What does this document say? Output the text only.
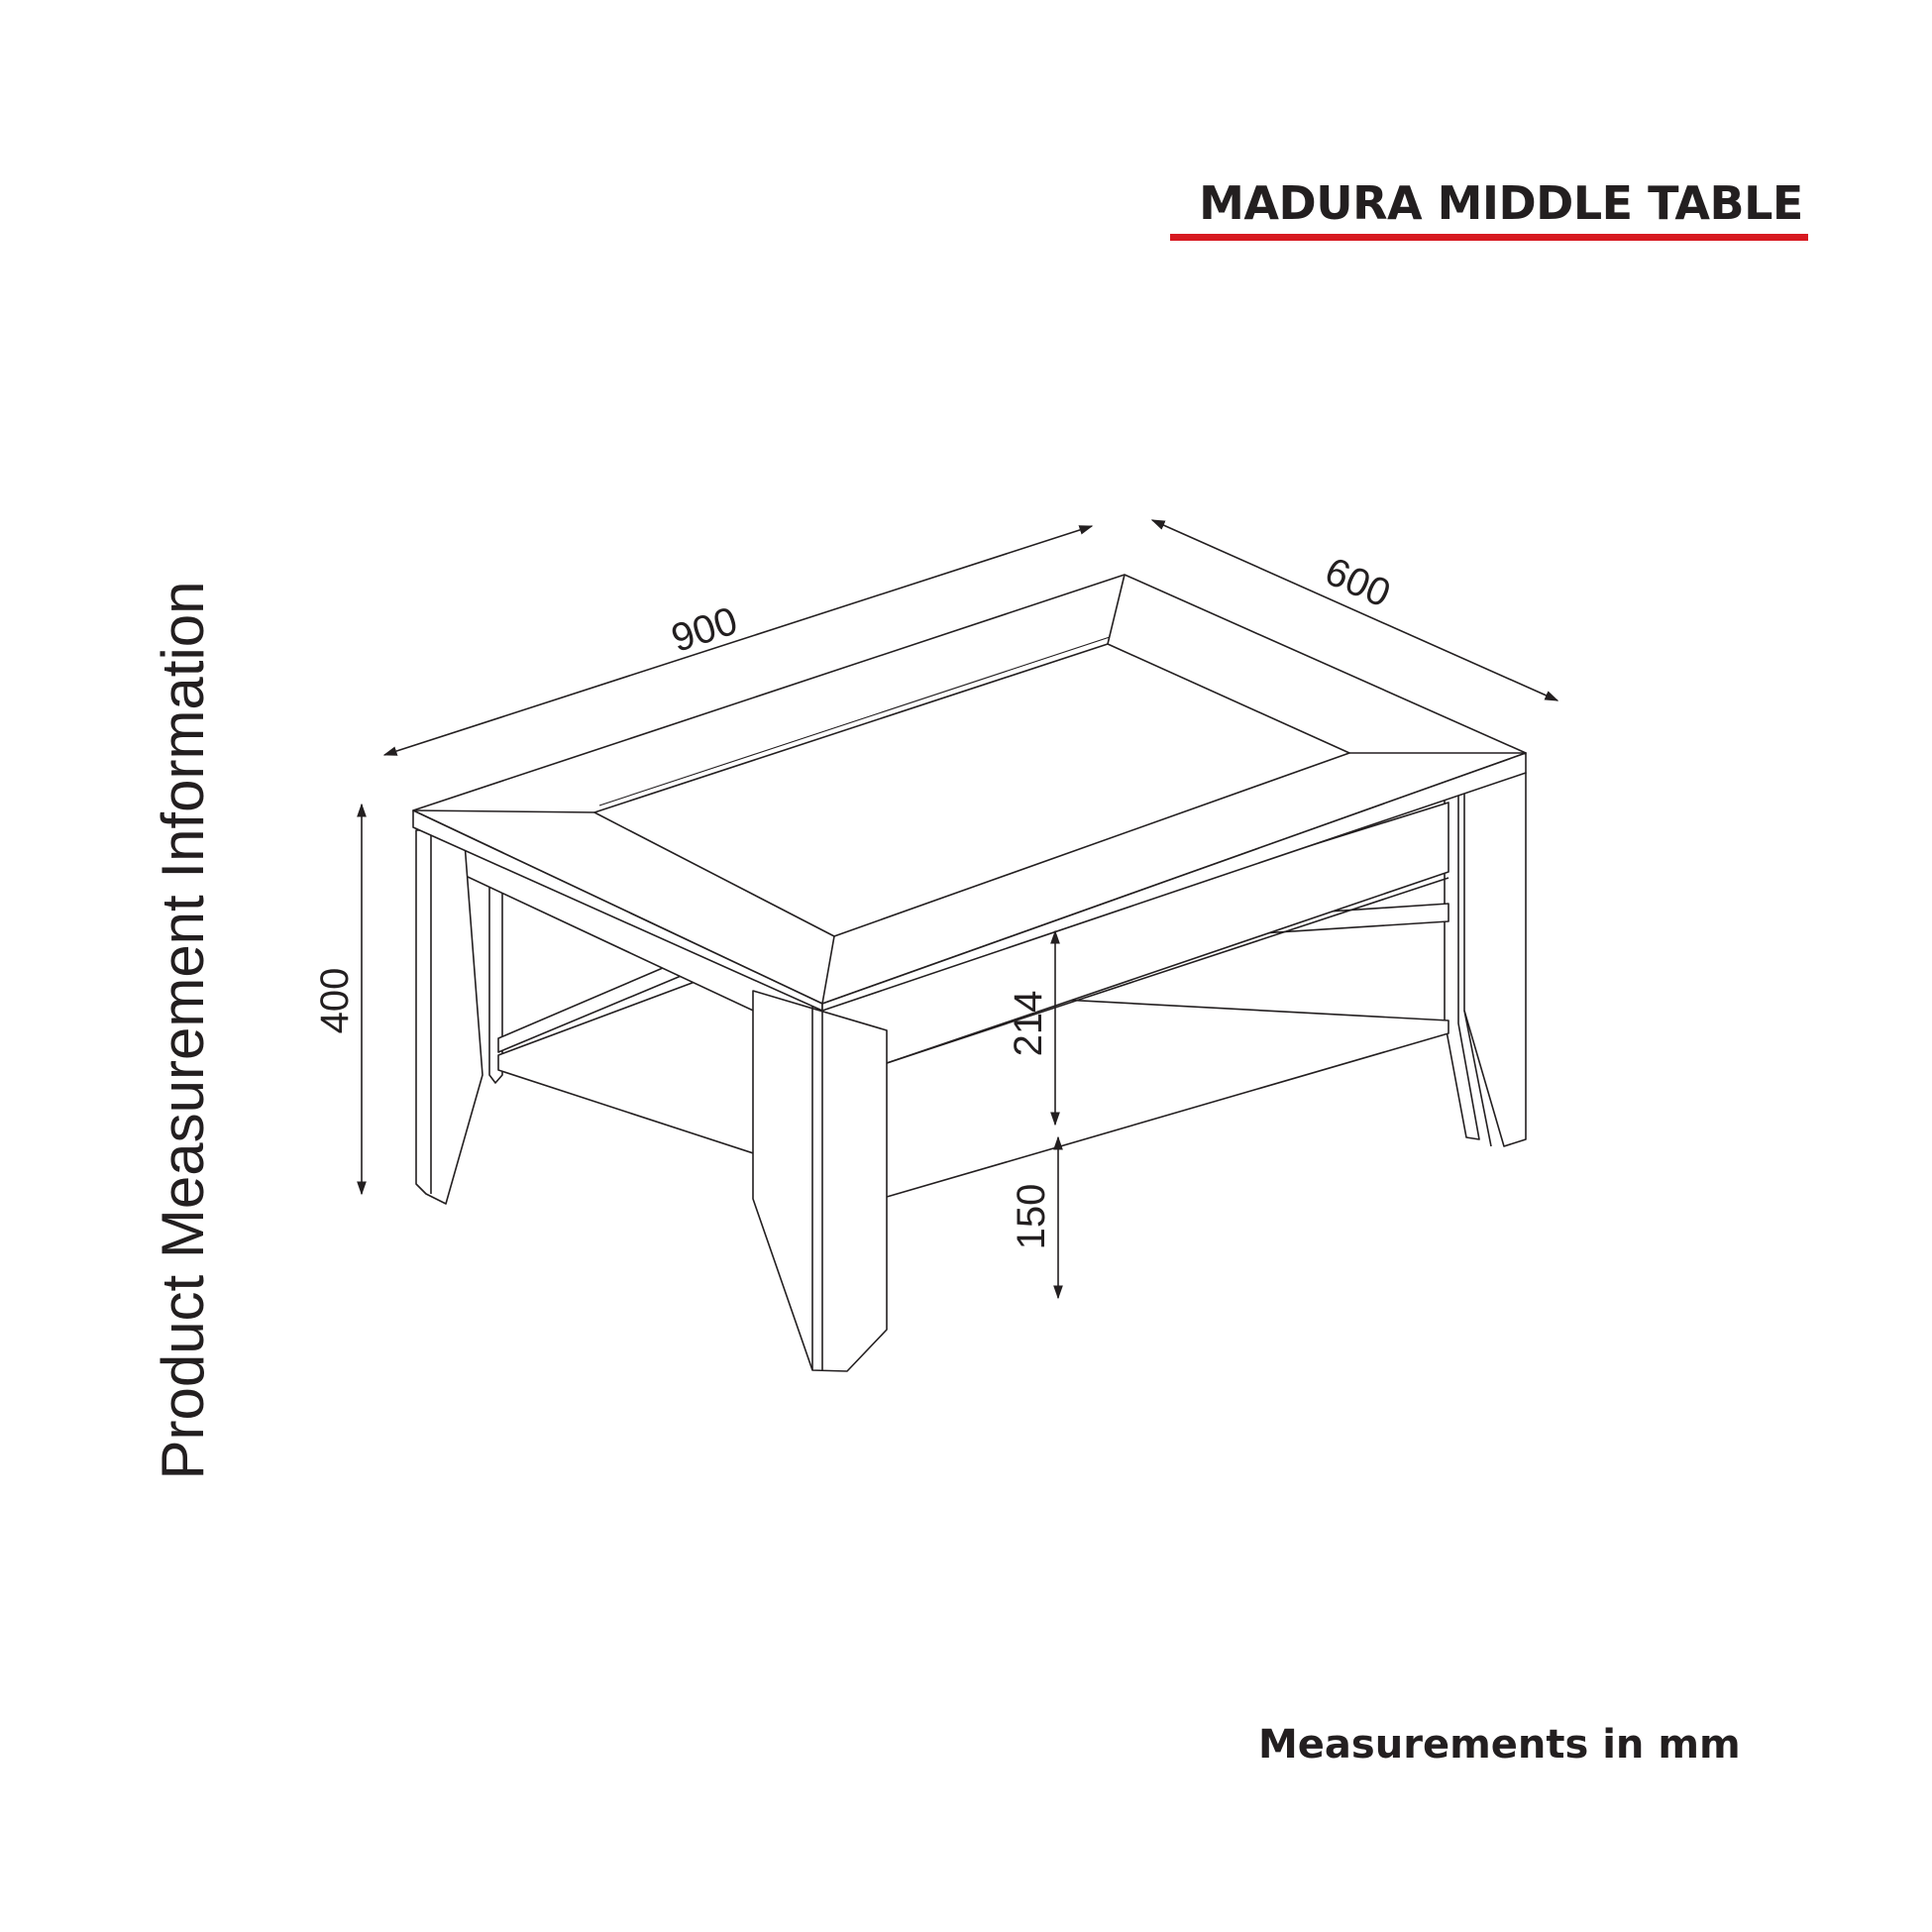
900
600
400	214
150
MADURA MIDDLE TABLE
Product Measurement Information
Measurements in mm
